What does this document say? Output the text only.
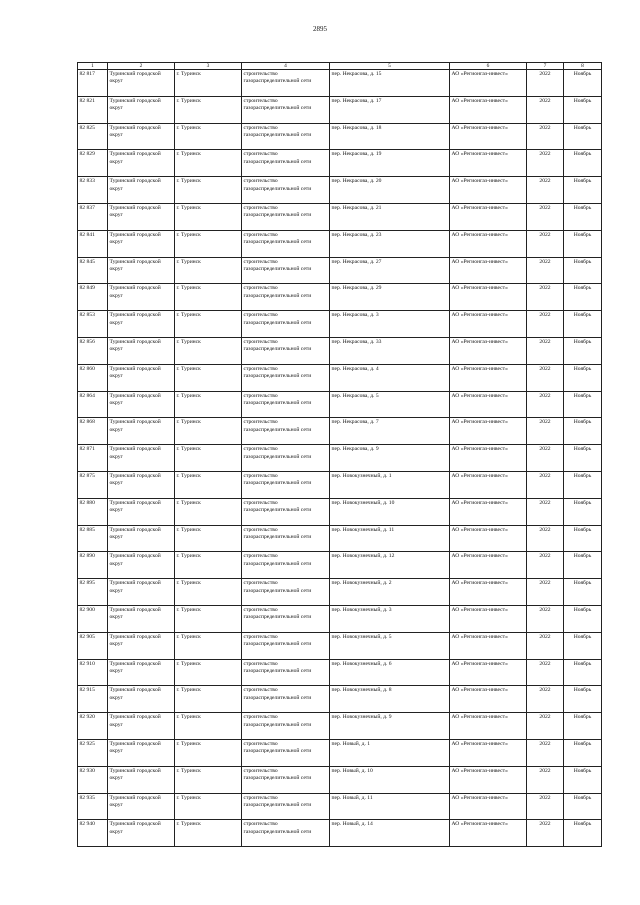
2895
1	2	3	4	5	6	7	8
82 817	Туринский городской округ	г. Туринск	строительство газораспределительной сети	пер. Некрасова, д. 15	АО «Регионгаз-инвест»	2022	Ноябрь
82 821	Туринский городской округ	г. Туринск	строительство газораспределительной сети	пер. Некрасова, д. 17	АО «Регионгаз-инвест»	2022	Ноябрь
82 825	Туринский городской округ	г. Туринск	строительство газораспределительной сети	пер. Некрасова, д. 18	АО «Регионгаз-инвест»	2022	Ноябрь
82 829	Туринский городской округ	г. Туринск	строительство газораспределительной сети	пер. Некрасова, д. 19	АО «Регионгаз-инвест»	2022	Ноябрь
82 833	Туринский городской округ	г. Туринск	строительство газораспределительной сети	пер. Некрасова, д. 20	АО «Регионгаз-инвест»	2022	Ноябрь
82 837	Туринский городской округ	г. Туринск	строительство газораспределительной сети	пер. Некрасова, д. 21	АО «Регионгаз-инвест»	2022	Ноябрь
82 841	Туринский городской округ	г. Туринск	строительство газораспределительной сети	пер. Некрасова, д. 23	АО «Регионгаз-инвест»	2022	Ноябрь
82 845	Туринский городской округ	г. Туринск	строительство газораспределительной сети	пер. Некрасова, д. 27	АО «Регионгаз-инвест»	2022	Ноябрь
82 849	Туринский городской округ	г. Туринск	строительство газораспределительной сети	пер. Некрасова, д. 29	АО «Регионгаз-инвест»	2022	Ноябрь
82 853	Туринский городской округ	г. Туринск	строительство газораспределительной сети	пер. Некрасова, д. 3	АО «Регионгаз-инвест»	2022	Ноябрь
82 856	Туринский городской округ	г. Туринск	строительство газораспределительной сети	пер. Некрасова, д. 33	АО «Регионгаз-инвест»	2022	Ноябрь
82 860	Туринский городской округ	г. Туринск	строительство газораспределительной сети	пер. Некрасова, д. 4	АО «Регионгаз-инвест»	2022	Ноябрь
82 864	Туринский городской округ	г. Туринск	строительство газораспределительной сети	пер. Некрасова, д. 5	АО «Регионгаз-инвест»	2022	Ноябрь
82 868	Туринский городской округ	г. Туринск	строительство газораспределительной сети	пер. Некрасова, д. 7	АО «Регионгаз-инвест»	2022	Ноябрь
82 871	Туринский городской округ	г. Туринск	строительство газораспределительной сети	пер. Некрасова, д. 9	АО «Регионгаз-инвест»	2022	Ноябрь
82 875	Туринский городской округ	г. Туринск	строительство газораспределительной сети	пер. Новокузнечный, д. 1	АО «Регионгаз-инвест»	2022	Ноябрь
82 880	Туринский городской округ	г. Туринск	строительство газораспределительной сети	пер. Новокузнечный, д. 10	АО «Регионгаз-инвест»	2022	Ноябрь
82 885	Туринский городской округ	г. Туринск	строительство газораспределительной сети	пер. Новокузнечный, д. 11	АО «Регионгаз-инвест»	2022	Ноябрь
82 890	Туринский городской округ	г. Туринск	строительство газораспределительной сети	пер. Новокузнечный, д. 12	АО «Регионгаз-инвест»	2022	Ноябрь
82 895	Туринский городской округ	г. Туринск	строительство газораспределительной сети	пер. Новокузнечный, д. 2	АО «Регионгаз-инвест»	2022	Ноябрь
82 900	Туринский городской округ	г. Туринск	строительство газораспределительной сети	пер. Новокузнечный, д. 3	АО «Регионгаз-инвест»	2022	Ноябрь
82 905	Туринский городской округ	г. Туринск	строительство газораспределительной сети	пер. Новокузнечный, д. 5	АО «Регионгаз-инвест»	2022	Ноябрь
82 910	Туринский городской округ	г. Туринск	строительство газораспределительной сети	пер. Новокузнечный, д. 6	АО «Регионгаз-инвест»	2022	Ноябрь
82 915	Туринский городской округ	г. Туринск	строительство газораспределительной сети	пер. Новокузнечный, д. 8	АО «Регионгаз-инвест»	2022	Ноябрь
82 920	Туринский городской округ	г. Туринск	строительство газораспределительной сети	пер. Новокузнечный, д. 9	АО «Регионгаз-инвест»	2022	Ноябрь
82 925	Туринский городской округ	г. Туринск	строительство газораспределительной сети	пер. Новый, д. 1	АО «Регионгаз-инвест»	2022	Ноябрь
82 930	Туринский городской округ	г. Туринск	строительство газораспределительной сети	пер. Новый, д. 10	АО «Регионгаз-инвест»	2022	Ноябрь
82 935	Туринский городской округ	г. Туринск	строительство газораспределительной сети	пер. Новый, д. 11	АО «Регионгаз-инвест»	2022	Ноябрь
82 940	Туринский городской округ	г. Туринск	строительство газораспределительной сети	пер. Новый, д. 14	АО «Регионгаз-инвест»	2022	Ноябрь
